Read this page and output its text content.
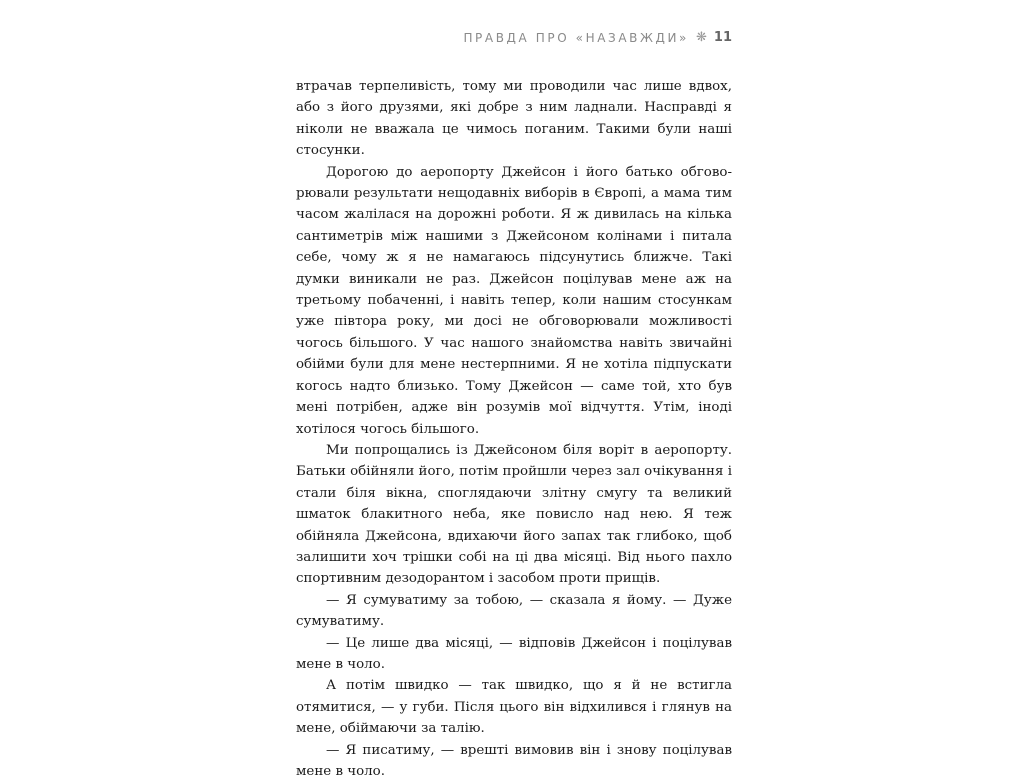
ПРАВДА ПРО «НАЗАВЖДИ» ❋ 11

втрачав терпеливість, тому ми проводили час лише вдвох, або з його друзями, які добре з ним ладнали. Насправді я ніколи не вважала це чимось поганим. Такими були наші стосунки.

Дорогою до аеропорту Джейсон і його батько обговорювали результати нещодавніх виборів в Європі, а мама тим часом жалілася на дорожні роботи. Я ж дивилась на кілька сантиметрів між нашими з Джейсоном колінами і питала себе, чому ж я не намагаюсь підсунутись ближче. Такі думки виникали не раз. Джейсон поцілував мене аж на третьому побаченні, і навіть тепер, коли нашим стосункам уже півтора року, ми досі не обговорювали можливості чогось більшого. У час нашого знайомства навіть звичайні обійми були для мене нестерпними. Я не хотіла підпускати когось надто близько. Тому Джейсон — саме той, хто був мені потрібен, адже він розумів мої відчуття. Утім, іноді хотілося чогось більшого.

Ми попрощались із Джейсоном біля воріт в аеропорту. Батьки обійняли його, потім пройшли через зал очікування і стали біля вікна, споглядаючи злітну смугу та великий шматок блакитного неба, яке повисло над нею. Я теж обійняла Джейсона, вдихаючи його запах так глибоко, щоб залишити хоч трішки собі на ці два місяці. Від нього пахло спортивним дезодорантом і засобом проти прищів.

— Я сумуватиму за тобою, — сказала я йому. — Дуже сумуватиму.

— Це лише два місяці, — відповів Джейсон і поцілував мене в чоло.

А потім швидко — так швидко, що я й не встигла отямитися, — у губи. Після цього він відхилився і глянув на мене, обіймаючи за талію.

— Я писатиму, — врешті вимовив він і знову поцілував мене в чоло.
